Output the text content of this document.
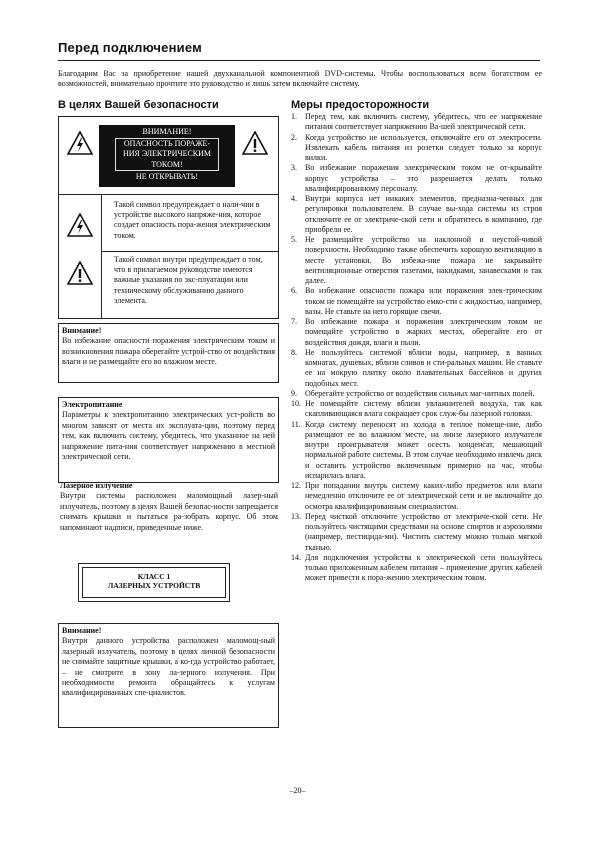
Перед подключением
Благодарим Вас за приобретение нашей двухканальной компонентной DVD-системы. Чтобы воспользоваться всем богатством ее возможностей, внимательно прочтите это руководство и лишь затем включайте систему.
В целях Вашей безопасности
ВНИМАНИЕ!
ОПАСНОСТЬ ПОРАЖЕ-
НИЯ ЭЛЕКТРИЧЕСКИМ
ТОКОМ!
НЕ ОТКРЫВАТЬ!
Такой символ предупреждает о нали-чии в устройстве высокого напряже-ния, которое создает опасность пора-жения электрическим током.
Такой символ внутри предупреждает о том, что в прилагаемом руководстве имеются важные указания по экс-плуатации или техническому обслуживанию данного элемента.
Внимание!
Во избежание опасности поражения электрическим током и возникновения пожара оберегайте устрой-ство от воздействия влаги и не размещайте его во влажном месте.
Электропитание
Параметры к электропитанию электрических уст-ройств во многом зависят от места их эксплуата-ции, поэтому перед тем, как включить систему, убедитесь, что указанное на ней напряжение пита-ния соответствует напряжению в местной электрической сети.
Лазерное излучение
Внутри системы расположен маломощный лазер-ный излучатель, поэтому в целях Вашей безопас-ности запрещается снимать крышки и пытаться ра-зобрать корпус. Об этом напоминают надписи, приведенные ниже.
КЛАСС 1
ЛАЗЕРНЫХ УСТРОЙСТВ
Внимание!
Внутри данного устройства расположен маломощ-ный лазерный излучатель, поэтому в целях личной безопасности не снимайте защитные крышки, а ко-гда устройство работает, – не смотрите в зону ла-зерного излучения. При необходимости ремонта обращайтесь к услугам квалифицированных спе-циалистов.
Меры предосторожности
1.	Перед тем, как включить систему, убедитесь, что ее напряжение питания соответствует напряжению Ва-шей электрической сети.
2.	Когда устройство не используется, отключайте его от электросети. Извлекать кабель питания из розетки следует только за корпус вилки.
3.	Во избежание поражения электрическим током не от-крывайте корпус устройства – это разрешается делать только квалифицированному персоналу.
4.	Внутри корпуса нет никаких элементов, предназна-ченных для регулировки пользователем. В случае вы-хода системы из строя отключите ее от электриче-ской сети и обратитесь в компанию, где приобрели ее.
5.	Не размещайте устройство на наклонной и неустой-чивой поверхности. Необходимо также обеспечить хорошую вентиляцию в месте установки. Во избежа-ние пожара не закрывайте вентиляционные отверстия газетами, накидками, занавесками и так далее.
6.	Во избежание опасности пожара или поражения элек-трическим током не помещайте на устройство емко-сти с жидкостью, например, вазы. Не ставьте на него горящие свечи.
7.	Во избежание пожара и поражения электрическим током не помещайте устройство в жарких местах, оберегайте его от воздействия дождя, влаги и пыли.
8.	Не пользуйтесь системой вблизи воды, например, в ванных комнатах, душевых, вблизи сливов и сти-ральных машин. Не ставьте ее на мокрую плитку около плавательных бассейнов и других подобных мест.
9.	Оберегайте устройство от воздействия сильных маг-нитных полей.
10. Не помещайте систему вблизи увлажнителей воздуха, так как скапливающаяся влага сокращает срок служ-бы лазерной головки.
11. Когда систему переносят из холода в теплое помеще-ние, либо размещают ее во влажном месте, на линзе лазерного излучателя внутри проигрывателя может осесть конденсат, мешающий нормальной работе системы. В этом случае необходимо извлечь диск и оставить устройство включенным примерно на час, чтобы испарилась влага.
12. При попадании внутрь систему каких-либо предметов или влаги немедленно отключите ее от электрической сети и не включайте до осмотра квалифицированным специалистом.
13. Перед чисткой отключите устройство от электриче-ской сети. Не пользуйтесь чистящими средствами на основе спиртов и аэрозолями (например, пестицида-ми). Чистить систему можно только мягкой тканью.
14. Для подключения устройства к электрической сети пользуйтесь только приложенным кабелем питания – применение других кабелей может привести к пора-жению электрическим током.
–20–
